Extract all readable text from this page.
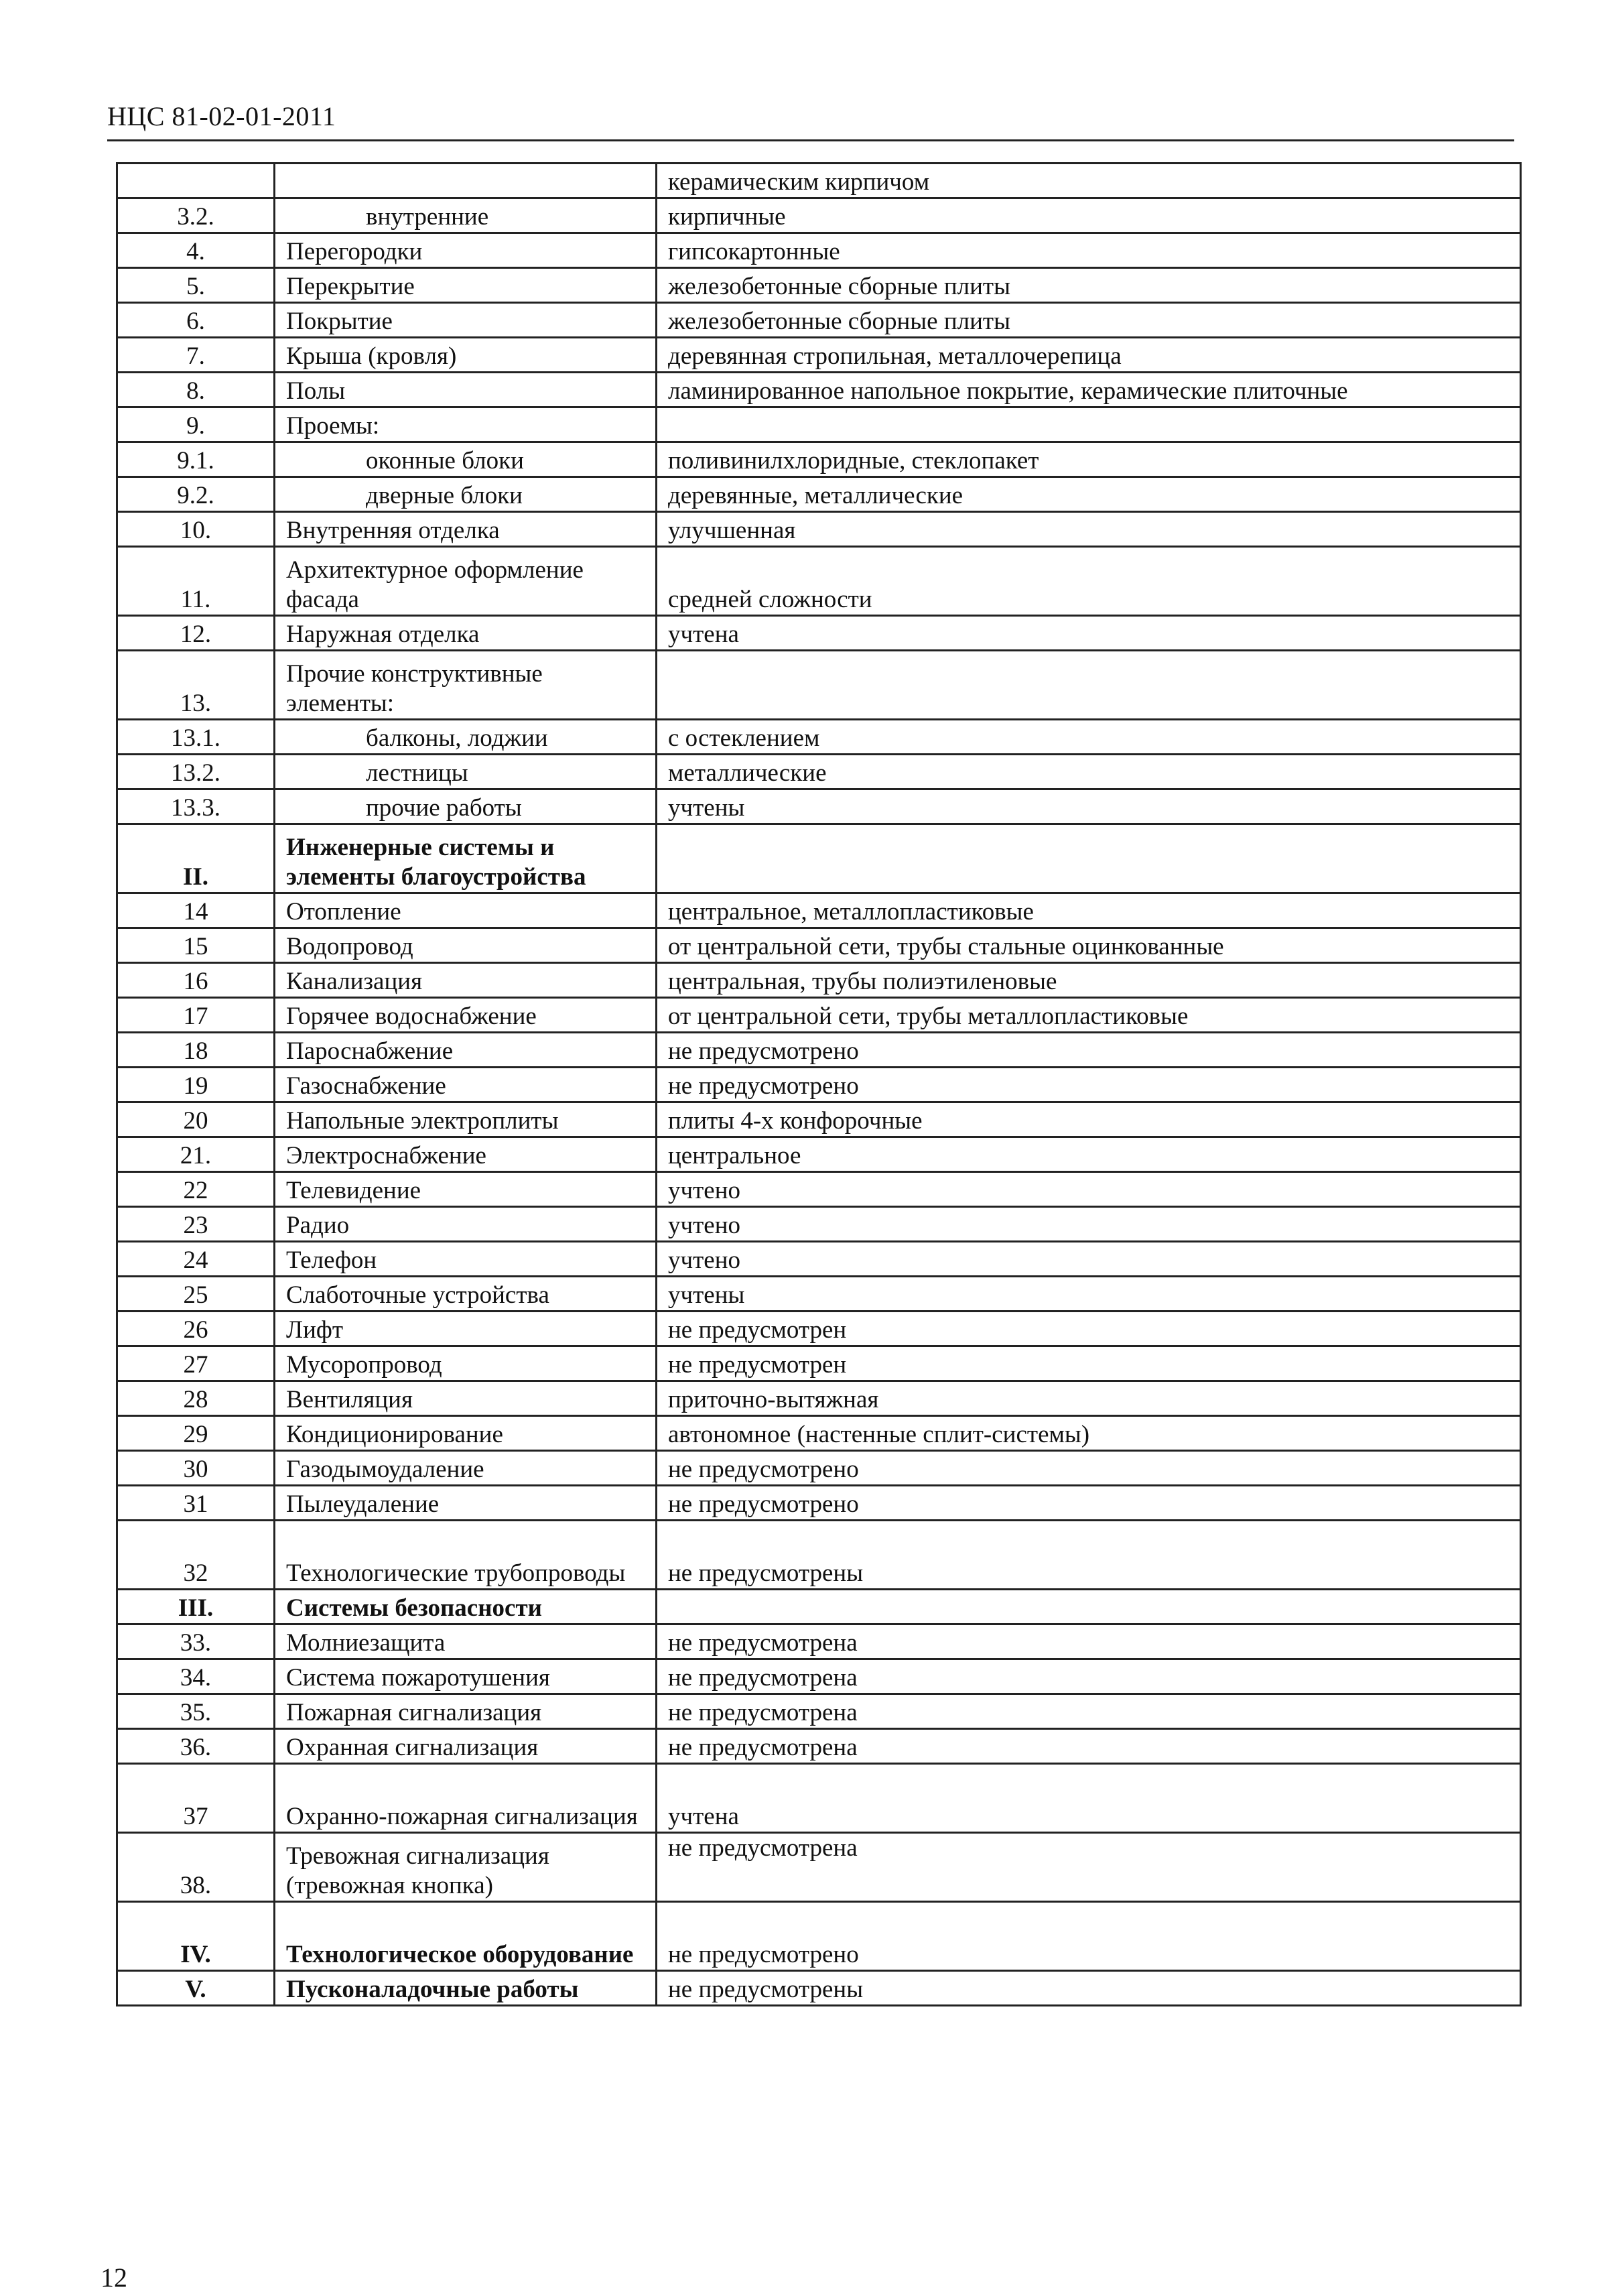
НЦС 81-02-01-2011
		керамическим кирпичом
3.2.	внутренние	кирпичные
4.	Перегородки	гипсокартонные
5.	Перекрытие	железобетонные сборные плиты
6.	Покрытие	железобетонные сборные плиты
7.	Крыша (кровля)	деревянная стропильная, металлочерепица
8.	Полы	ламинированное напольное покрытие, керамические плиточные
9.	Проемы:	
9.1.	оконные блоки	поливинилхлоридные, стеклопакет
9.2.	дверные блоки	деревянные, металлические
10.	Внутренняя отделка	улучшенная
11.	Архитектурное оформление фасада	средней сложности
12.	Наружная отделка	учтена
13.	Прочие конструктивные элементы:	
13.1.	балконы, лоджии	с остеклением
13.2.	лестницы	металлические
13.3.	прочие работы	учтены
II.	Инженерные системы и элементы благоустройства	
14	Отопление	центральное, металлопластиковые
15	Водопровод	от центральной сети, трубы стальные оцинкованные
16	Канализация	центральная, трубы полиэтиленовые
17	Горячее водоснабжение	от центральной сети, трубы металлопластиковые
18	Пароснабжение	не предусмотрено
19	Газоснабжение	не предусмотрено
20	Напольные электроплиты	плиты 4-х конфорочные
21.	Электроснабжение	центральное
22	Телевидение	учтено
23	Радио	учтено
24	Телефон	учтено
25	Слаботочные устройства	учтены
26	Лифт	не предусмотрен
27	Мусоропровод	не предусмотрен
28	Вентиляция	приточно-вытяжная
29	Кондиционирование	автономное (настенные сплит-системы)
30	Газодымоудаление	не предусмотрено
31	Пылеудаление	не предусмотрено
32	Технологические трубопроводы	не предусмотрены
III.	Системы безопасности	
33.	Молниезащита	не предусмотрена
34.	Система пожаротушения	не предусмотрена
35.	Пожарная сигнализация	не предусмотрена
36.	Охранная сигнализация	не предусмотрена
37	Охранно-пожарная сигнализация	учтена
38.	Тревожная сигнализация (тревожная кнопка)	не предусмотрена
IV.	Технологическое оборудование	не предусмотрено
V.	Пусконаладочные работы	не предусмотрены
12
